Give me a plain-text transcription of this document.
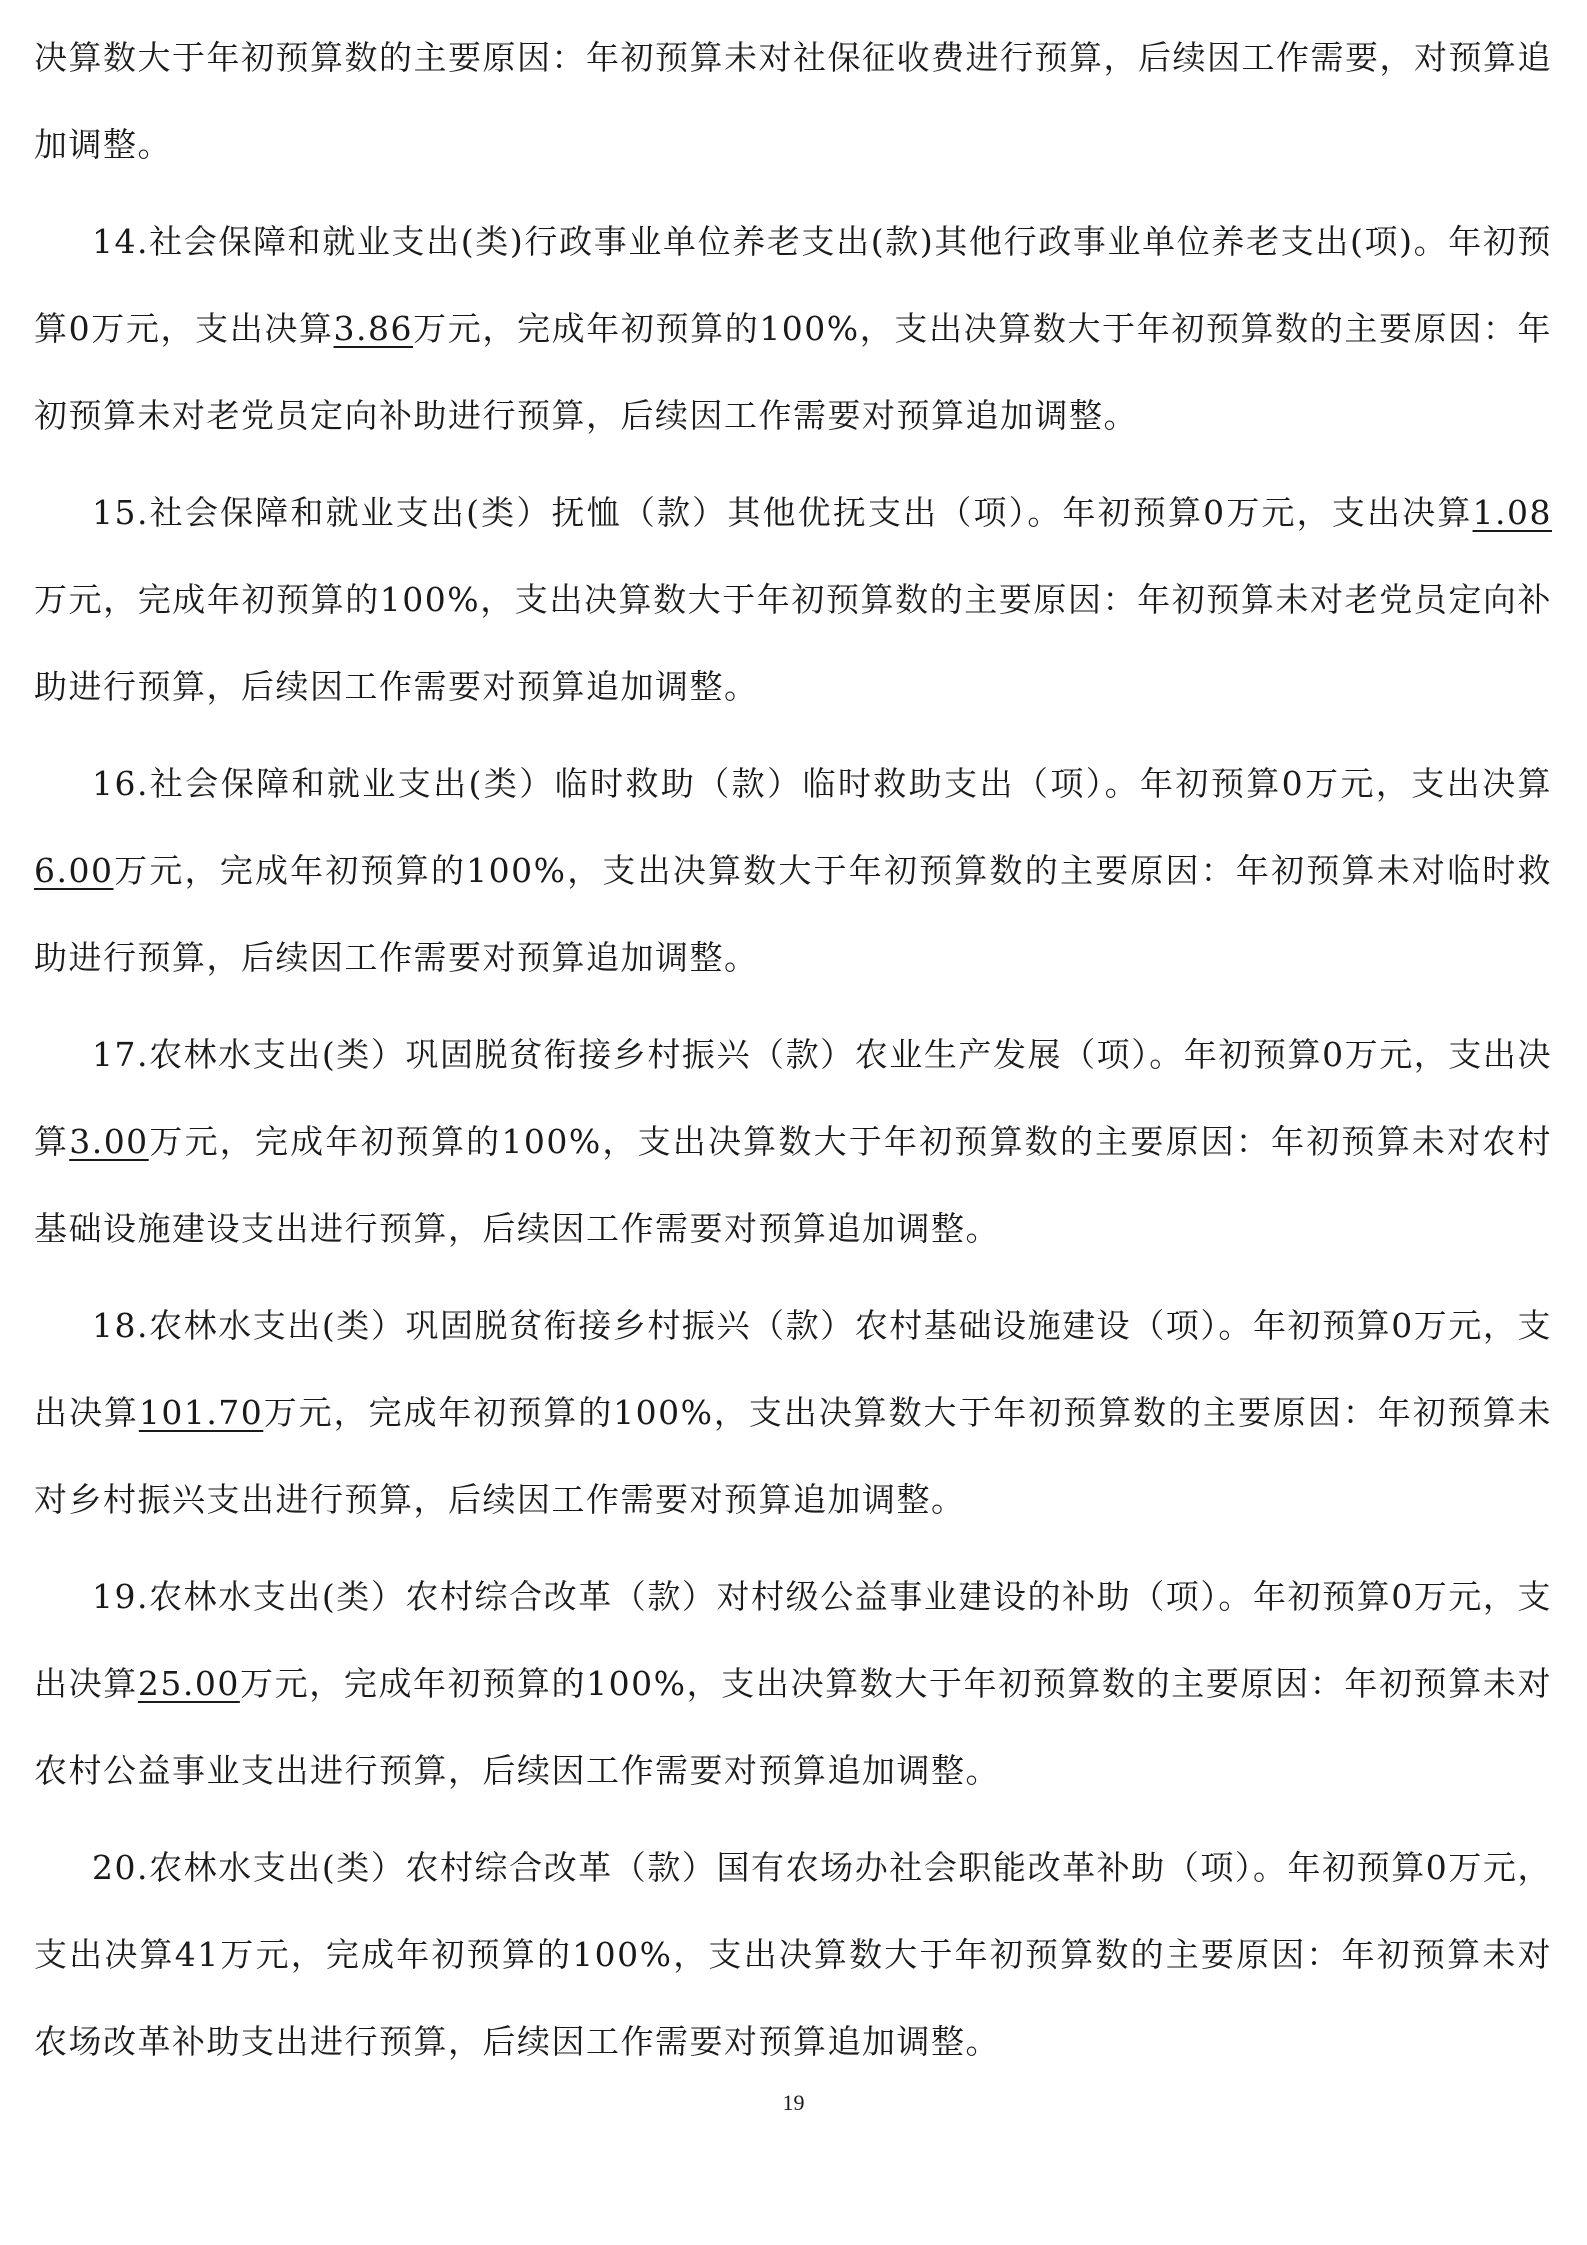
决算数大于年初预算数的主要原因：年初预算未对社保征收费进行预算，后续因工作需要，对预算追加调整。

14.社会保障和就业支出(类)行政事业单位养老支出(款)其他行政事业单位养老支出(项)。年初预算0万元，支出决算3.86万元，完成年初预算的100%，支出决算数大于年初预算数的主要原因：年初预算未对老党员定向补助进行预算，后续因工作需要对预算追加调整。

15.社会保障和就业支出(类）抚恤（款）其他优抚支出（项）。年初预算0万元，支出决算1.08万元，完成年初预算的100%，支出决算数大于年初预算数的主要原因：年初预算未对老党员定向补助进行预算，后续因工作需要对预算追加调整。

16.社会保障和就业支出(类）临时救助（款）临时救助支出（项）。年初预算0万元，支出决算6.00万元，完成年初预算的100%，支出决算数大于年初预算数的主要原因：年初预算未对临时救助进行预算，后续因工作需要对预算追加调整。

17.农林水支出(类）巩固脱贫衔接乡村振兴（款）农业生产发展（项）。年初预算0万元，支出决算3.00万元，完成年初预算的100%，支出决算数大于年初预算数的主要原因：年初预算未对农村基础设施建设支出进行预算，后续因工作需要对预算追加调整。

18.农林水支出(类）巩固脱贫衔接乡村振兴（款）农村基础设施建设（项）。年初预算0万元，支出决算101.70万元，完成年初预算的100%，支出决算数大于年初预算数的主要原因：年初预算未对乡村振兴支出进行预算，后续因工作需要对预算追加调整。

19.农林水支出(类）农村综合改革（款）对村级公益事业建设的补助（项）。年初预算0万元，支出决算25.00万元，完成年初预算的100%，支出决算数大于年初预算数的主要原因：年初预算未对农村公益事业支出进行预算，后续因工作需要对预算追加调整。

20.农林水支出(类）农村综合改革（款）国有农场办社会职能改革补助（项）。年初预算0万元，支出决算41万元，完成年初预算的100%，支出决算数大于年初预算数的主要原因：年初预算未对农场改革补助支出进行预算，后续因工作需要对预算追加调整。

19
